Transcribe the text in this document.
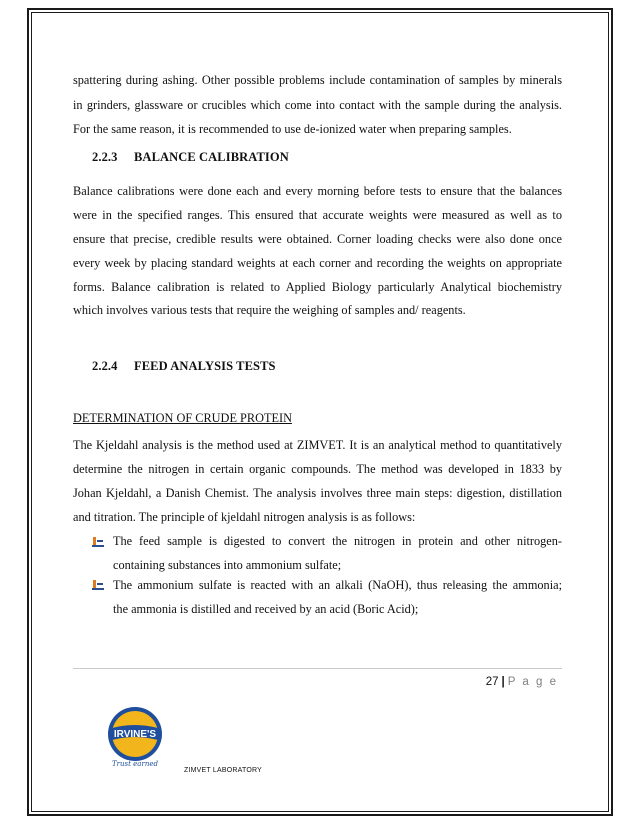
spattering during ashing. Other possible problems include contamination of samples by minerals
in grinders, glassware or crucibles which come into contact with the sample during the analysis.
For the same reason, it is recommended to use de-ionized water when preparing samples.
2.2.3 BALANCE CALIBRATION
Balance calibrations were done each and every morning before tests to ensure that the balances
were in the specified ranges. This ensured that accurate weights were measured as well as to
ensure that precise, credible results were obtained. Corner loading checks were also done once
every week by placing standard weights at each corner and recording the weights on appropriate
forms. Balance calibration is related to Applied Biology particularly Analytical biochemistry
which involves various tests that require the weighing of samples and/ reagents.
2.2.4 FEED ANALYSIS TESTS
DETERMINATION OF CRUDE PROTEIN
The Kjeldahl analysis is the method used at ZIMVET. It is an analytical method to quantitatively
determine the nitrogen in certain organic compounds. The method was developed in 1833 by
Johan Kjeldahl, a Danish Chemist. The analysis involves three main steps: digestion, distillation
and titration. The principle of kjeldahl nitrogen analysis is as follows:
The feed sample is digested to convert the nitrogen in protein and other nitrogen-
containing substances into ammonium sulfate;
The ammonium sulfate is reacted with an alkali (NaOH), thus releasing the ammonia;
the ammonia is distilled and received by an acid (Boric Acid);
27 | P a g e
IRVINE'S
Trust earned
ZIMVET LABORATORY
